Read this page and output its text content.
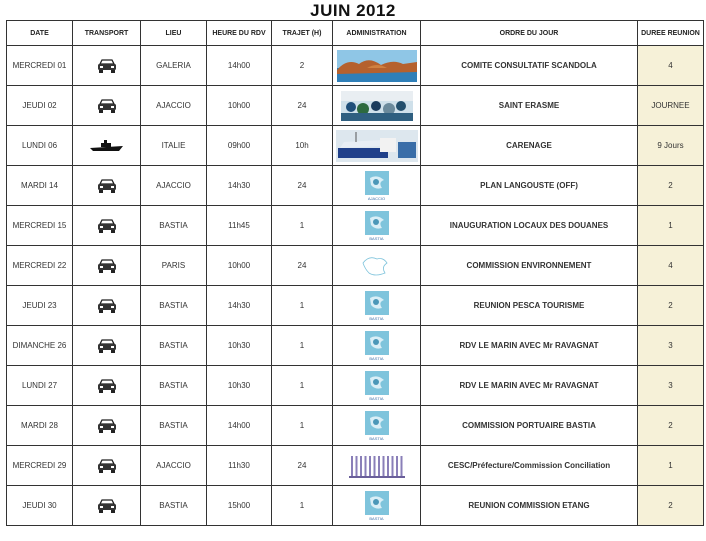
JUIN 2012
DATE	TRANSPORT	LIEU	HEURE DU RDV	TRAJET (H)	ADMINISTRATION	ORDRE DU JOUR	DUREE REUNION
MERCREDI 01		GALERIA	14h00	2		COMITE CONSULTATIF SCANDOLA	4
JEUDI 02		AJACCIO	10h00	24		SAINT ERASME	JOURNEE
LUNDI 06		ITALIE	09h00	10h		CARENAGE	9 Jours
MARDI 14		AJACCIO	14h30	24	AJACCIO	PLAN LANGOUSTE (OFF)	2
MERCREDI 15		BASTIA	11h45	1	BASTIA	INAUGURATION LOCAUX DES DOUANES	1
MERCREDI 22		PARIS	10h00	24		COMMISSION ENVIRONNEMENT	4
JEUDI 23		BASTIA	14h30	1	BASTIA	REUNION PESCA TOURISME	2
DIMANCHE 26		BASTIA	10h30	1	BASTIA	RDV LE MARIN AVEC Mr RAVAGNAT	3
LUNDI 27		BASTIA	10h30	1	BASTIA	RDV LE MARIN AVEC Mr RAVAGNAT	3
MARDI 28		BASTIA	14h00	1	BASTIA	COMMISSION PORTUAIRE BASTIA	2
MERCREDI 29		AJACCIO	11h30	24		CESC/Préfecture/Commission Conciliation	1
JEUDI 30		BASTIA	15h00	1	BASTIA	REUNION COMMISSION ETANG	2
